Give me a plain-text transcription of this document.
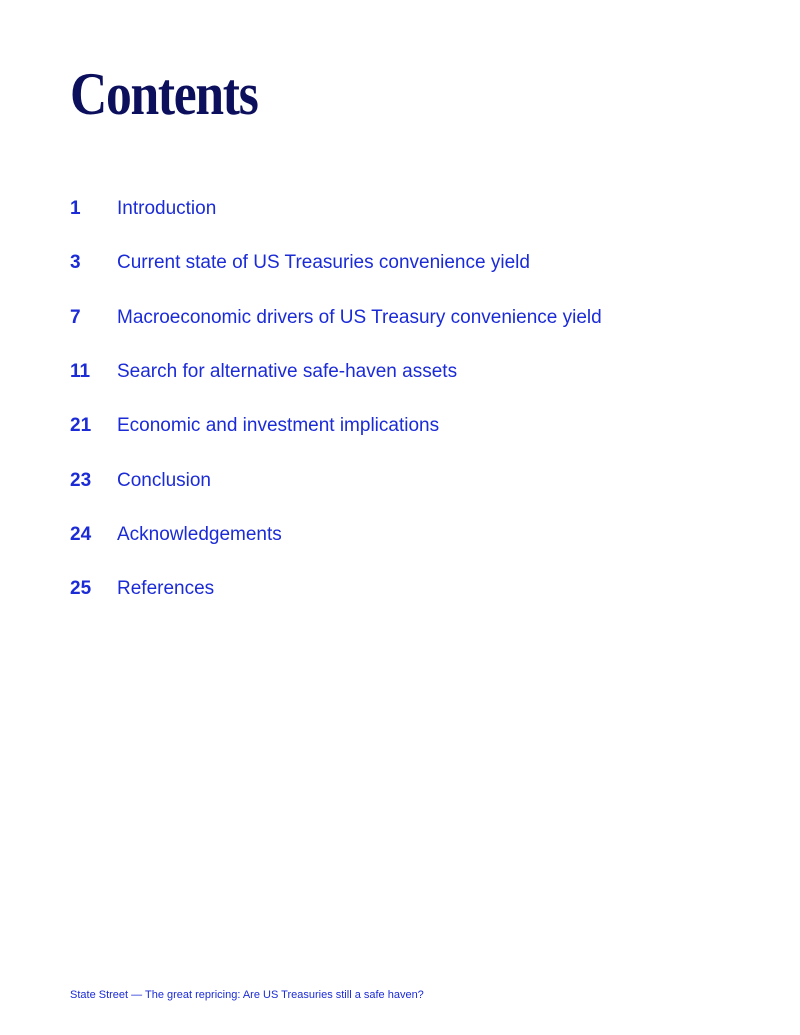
Contents
1	Introduction
3	Current state of US Treasuries convenience yield
7	Macroeconomic drivers of US Treasury convenience yield
11	Search for alternative safe-haven assets
21	Economic and investment implications
23	Conclusion
24	Acknowledgements
25	References
State Street — The great repricing: Are US Treasuries still a safe haven?
